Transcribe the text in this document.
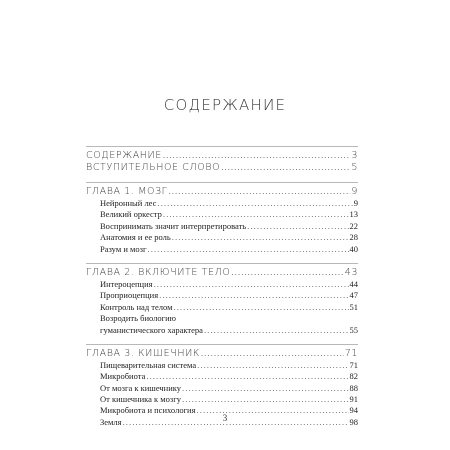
СОДЕРЖАНИЕ
СОДЕРЖАНИЕ .....	3
ВСТУПИТЕЛЬНОЕ СЛОВО .....	5
ГЛАВА 1. МОЗГ .....	9
Нейронный лес .....	9
Великий оркестр .....	13
Воспринимать значит интерпретировать .....	22
Анатомия и ее роль .....	28
Разум и мозг .....	40
ГЛАВА 2. ВКЛЮЧИТЕ ТЕЛО .....	43
Интероцепция .....	44
Проприоцепция .....	47
Контроль над телом .....	51
Возродить биологию
гуманистического характера .....	55
ГЛАВА 3. КИШЕЧНИК .....	71
Пищеварительная система .....	71
Микробиота .....	82
От мозга к кишечнику .....	88
От кишечника к мозгу .....	91
Микробиота и психология .....	94
Земля .....	98
3
